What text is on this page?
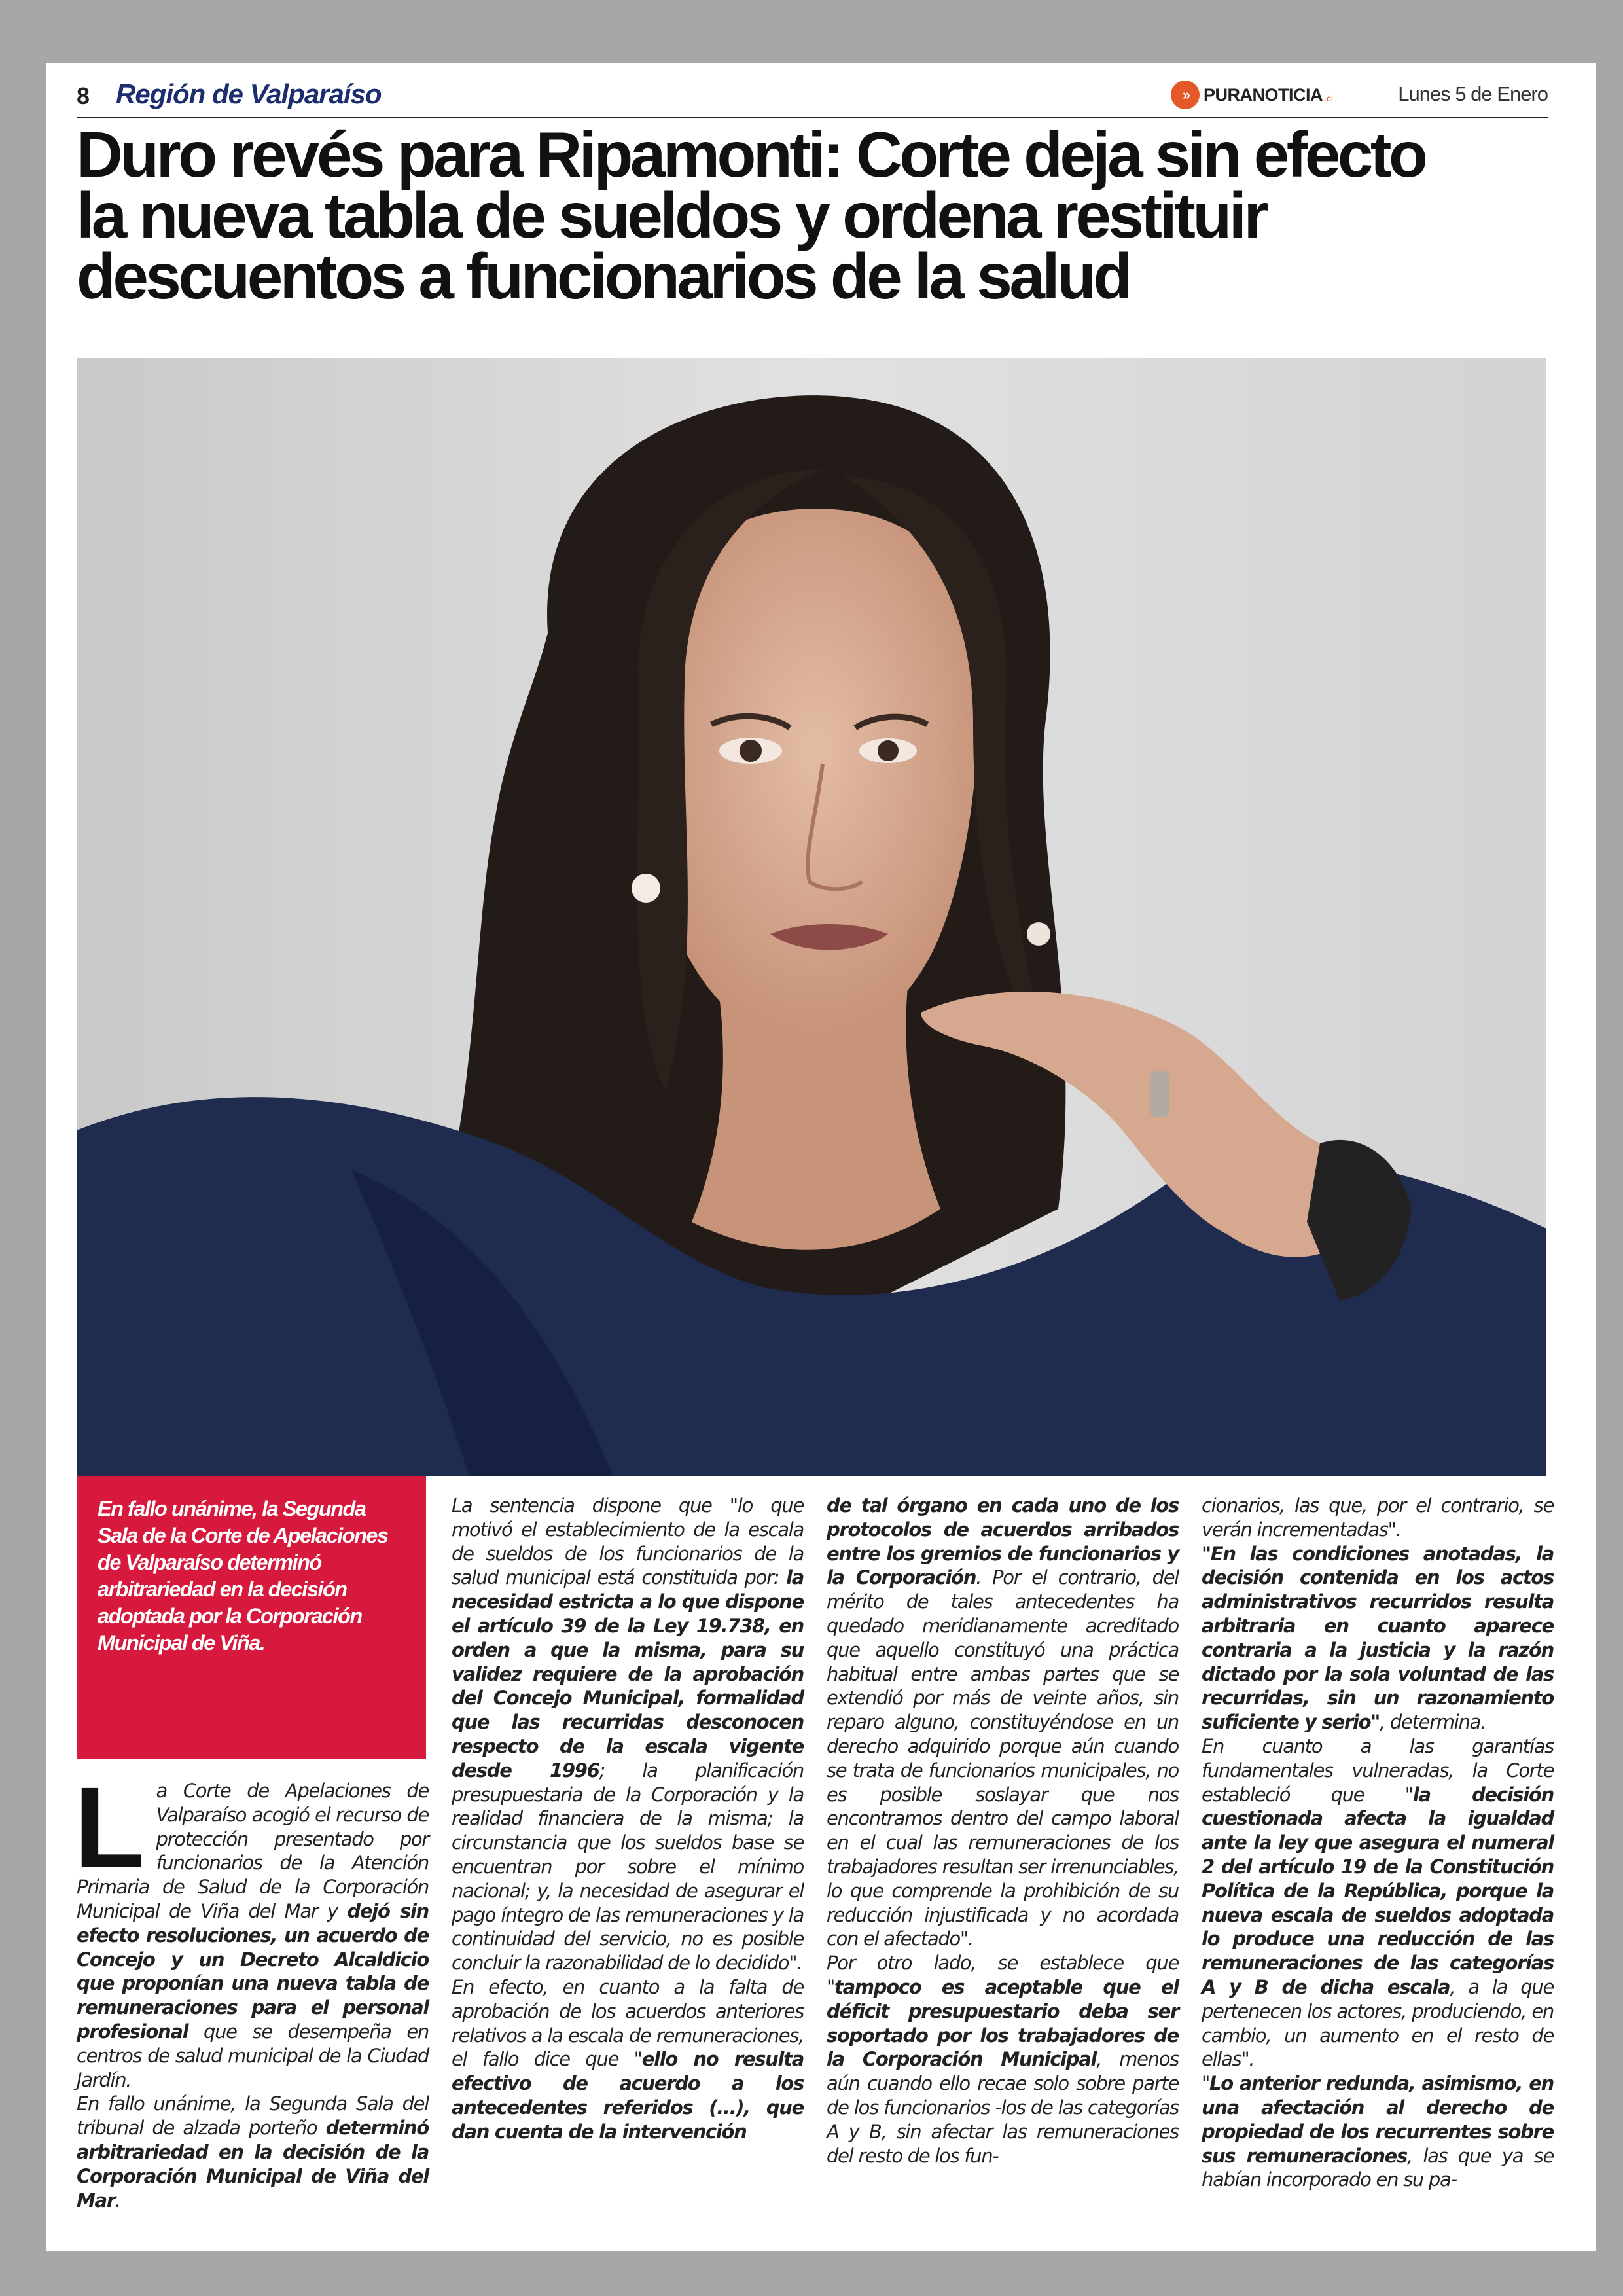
8 Región de Valparaíso	» PURANOTICIA .cl	Lunes 5 de Enero
Duro revés para Ripamonti: Corte deja sin efecto
la nueva tabla de sueldos y ordena restituir
descuentos a funcionarios de la salud
En fallo unánime, la Segunda Sala de la Corte de Apelaciones de Valparaíso determinó arbitrariedad en la decisión adoptada por la Corporación Municipal de Viña.
L a Corte de Apelaciones de Valparaíso acogió el recurso de protección presentado por funcionarios de la Atención Primaria de Salud de la Corporación Municipal de Viña del Mar y dejó sin efecto resoluciones, un acuerdo de Concejo y un Decreto Alcaldicio que proponían una nueva tabla de remuneraciones para el personal profesional que se desempeña en centros de salud municipal de la Ciudad Jardín.
En fallo unánime, la Segunda Sala del tribunal de alzada porteño determinó arbitrariedad en la decisión de la Corporación Municipal de Viña del Mar.

La sentencia dispone que "lo que motivó el establecimiento de la escala de sueldos de los funcionarios de la salud municipal está constituida por: la necesidad estricta a lo que dispone el artículo 39 de la Ley 19.738, en orden a que la misma, para su validez requiere de la aprobación del Concejo Municipal, formalidad que las recurridas desconocen respecto de la escala vigente desde 1996; la planificación presupuestaria de la Corporación y la realidad financiera de la misma; la circunstancia que los sueldos base se encuentran por sobre el mínimo nacional; y, la necesidad de asegurar el pago íntegro de las remuneraciones y la continuidad del servicio, no es posible concluir la razonabilidad de lo decidido".
En efecto, en cuanto a la falta de aprobación de los acuerdos anteriores relativos a la escala de remuneraciones, el fallo dice que "ello no resulta efectivo de acuerdo a los antecedentes referidos (...), que dan cuenta de la intervención

de tal órgano en cada uno de los protocolos de acuerdos arribados entre los gremios de funcionarios y la Corporación. Por el contrario, del mérito de tales antecedentes ha quedado meridianamente acreditado que aquello constituyó una práctica habitual entre ambas partes que se extendió por más de veinte años, sin reparo alguno, constituyéndose en un derecho adquirido porque aún cuando se trata de funcionarios municipales, no es posible soslayar que nos encontramos dentro del campo laboral en el cual las remuneraciones de los trabajadores resultan ser irrenunciables, lo que comprende la prohibición de su reducción injustificada y no acordada con el afectado".
Por otro lado, se establece que "tampoco es aceptable que el déficit presupuestario deba ser soportado por los trabajadores de la Corporación Municipal, menos aún cuando ello recae solo sobre parte de los funcionarios -los de las categorías A y B, sin afectar las remuneraciones del resto de los fun-

cionarios, las que, por el contrario, se verán incrementadas".
"En las condiciones anotadas, la decisión contenida en los actos administrativos recurridos resulta arbitraria en cuanto aparece contraria a la justicia y la razón dictado por la sola voluntad de las recurridas, sin un razonamiento suficiente y serio", determina.
En cuanto a las garantías fundamentales vulneradas, la Corte estableció que "la decisión cuestionada afecta la igualdad ante la ley que asegura el numeral 2 del artículo 19 de la Constitución Política de la República, porque la nueva escala de sueldos adoptada lo produce una reducción de las remuneraciones de las categorías A y B de dicha escala, a la que pertenecen los actores, produciendo, en cambio, un aumento en el resto de ellas".
"Lo anterior redunda, asimismo, en una afectación al derecho de propiedad de los recurrentes sobre sus remuneraciones, las que ya se habían incorporado en su pa-
